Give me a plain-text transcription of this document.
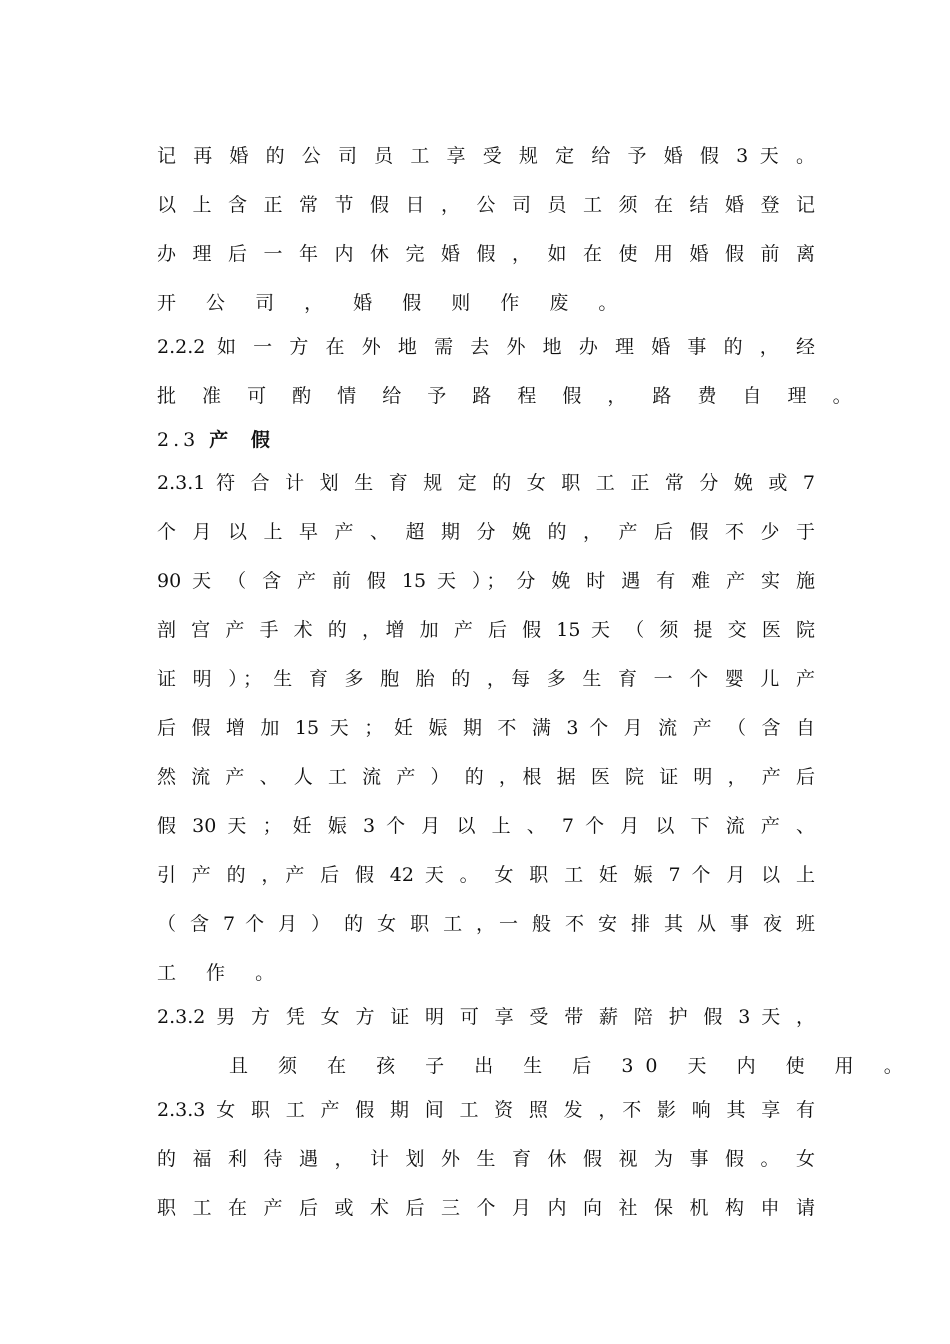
记 再 婚 的 公 司 员 工 享 受 规 定 给 予 婚 假 3 天 。
以 上 含 正 常 节 假 日 ， 公 司 员 工 须 在 结 婚 登 记
办 理 后 一 年 内 休 完 婚 假 ， 如 在 使 用 婚 假 前 离
开 公 司 ， 婚 假 则 作 废 。
2.2.2 如 一 方 在 外 地 需 去 外 地 办 理 婚 事 的 ， 经
批 准 可 酌 情 给 予 路 程 假 ， 路 费 自 理 。
2.3 产 假
2.3.1 符 合 计 划 生 育 规 定 的 女 职 工 正 常 分 娩 或 7
个 月 以 上 早 产 、 超 期 分 娩 的 ， 产 后 假 不 少 于
90 天 （ 含 产 前 假 15 天 ）； 分 娩 时 遇 有 难 产 实 施
剖 宫 产 手 术 的 ，增 加 产 后 假 15 天 （ 须 提 交 医 院
证 明 ）； 生 育 多 胞 胎 的 ，每 多 生 育 一 个 婴 儿 产
后 假 增 加 15 天 ； 妊 娠 期 不 满 3 个 月 流 产 （ 含 自
然 流 产 、 人 工 流 产 ） 的 ，根 据 医 院 证 明 ， 产 后
假 30 天 ； 妊 娠 3 个 月 以 上 、 7 个 月 以 下 流 产 、
引 产 的 ，产 后 假 42 天 。 女 职 工 妊 娠 7 个 月 以 上
（ 含 7 个 月 ） 的 女 职 工 ，一 般 不 安 排 其 从 事 夜 班
工 作 。
2.3.2 男 方 凭 女 方 证 明 可 享 受 带 薪 陪 护 假 3 天 ，
且 须 在 孩 子 出 生 后 30 天 内 使 用 。
2.3.3 女 职 工 产 假 期 间 工 资 照 发 ，不 影 响 其 享 有
的 福 利 待 遇 ， 计 划 外 生 育 休 假 视 为 事 假 。 女
职 工 在 产 后 或 术 后 三 个 月 内 向 社 保 机 构 申 请
